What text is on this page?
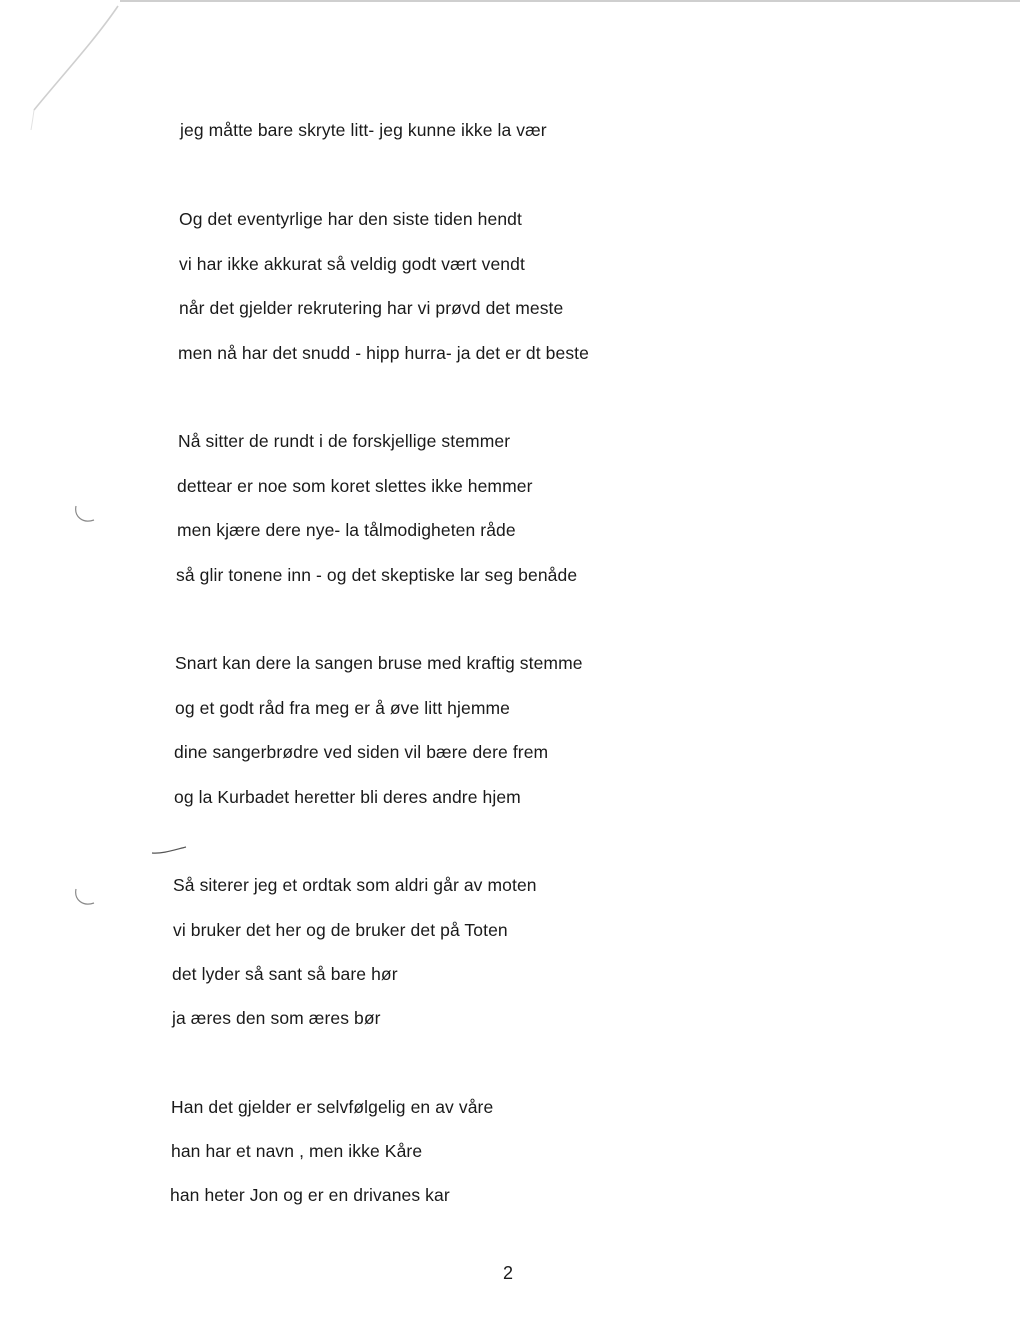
jeg måtte bare skryte litt- jeg kunne ikke la vær
Og det eventyrlige har den siste tiden hendt
vi har ikke akkurat så veldig godt vært vendt
når det gjelder rekrutering har vi prøvd det meste
men nå har det snudd - hipp hurra- ja det er dt beste
Nå sitter de rundt i de forskjellige stemmer
dettear er noe som koret slettes ikke hemmer
men kjære dere nye- la tålmodigheten råde
så glir tonene inn - og det skeptiske lar seg benåde
Snart kan dere la sangen bruse med kraftig stemme
og et godt råd fra meg er å øve litt hjemme
dine sangerbrødre ved siden vil bære dere frem
og la Kurbadet heretter bli deres andre hjem
Så siterer jeg et ordtak som aldri går av moten
vi bruker det her og de bruker det på Toten
det lyder så sant så bare hør
ja æres den som æres bør
Han det gjelder er selvfølgelig en av våre
han har et navn , men ikke Kåre
han heter Jon og er en drivanes kar
2
